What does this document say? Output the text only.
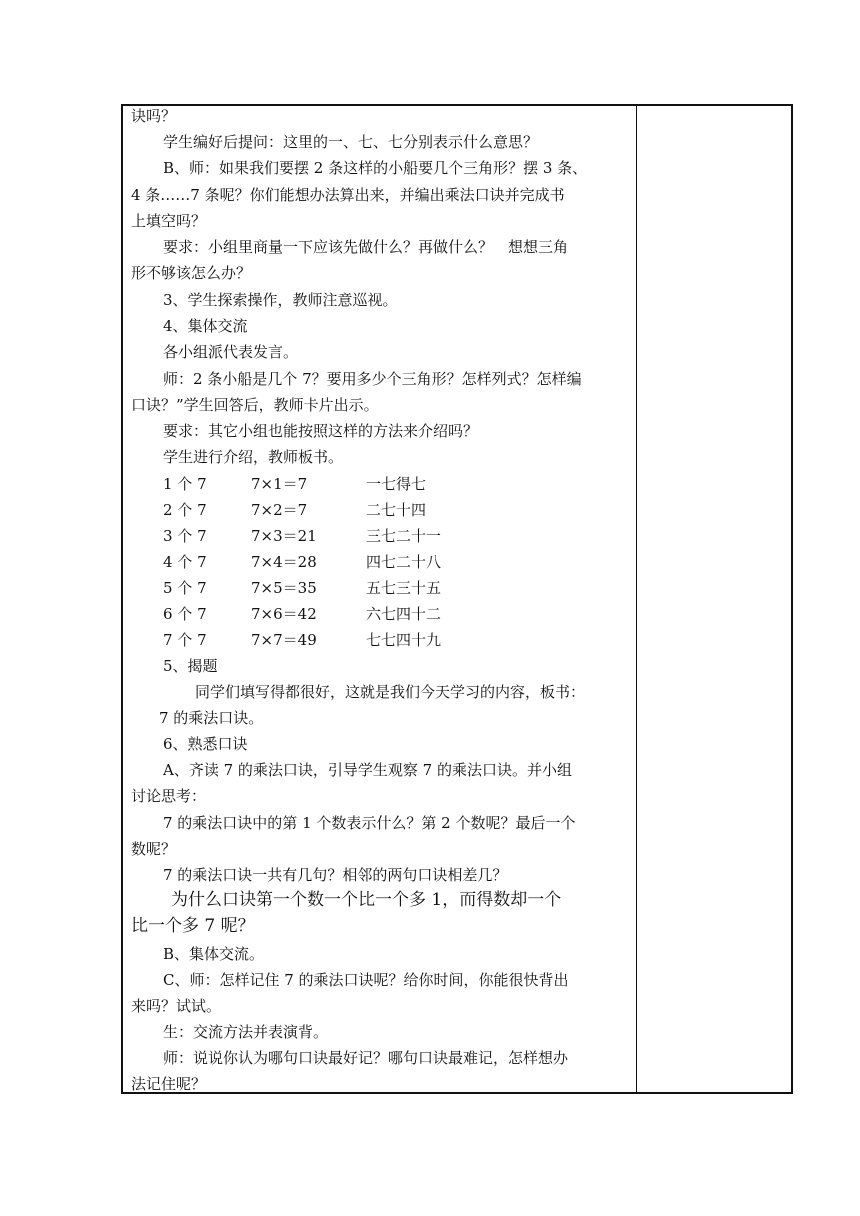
诀吗？
学生编好后提问：这里的一、七、七分别表示什么意思？
B、师：如果我们要摆 2 条这样的小船要几个三角形？摆 3 条、
4 条……7 条呢？你们能想办法算出来，并编出乘法口诀并完成书
上填空吗？
要求：小组里商量一下应该先做什么？再做什么？　想想三角
形不够该怎么办？
3、学生探索操作，教师注意巡视。
4、集体交流
各小组派代表发言。
师：2 条小船是几个 7？要用多少个三角形？怎样列式？怎样编
口诀？”学生回答后，教师卡片出示。
要求：其它小组也能按照这样的方法来介绍吗？
学生进行介绍，教师板书。
1 个 7	7×1＝7	一七得七
2 个 7	7×2＝7	二七十四
3 个 7	7×3＝21	三七二十一
4 个 7	7×4＝28	四七二十八
5 个 7	7×5＝35	五七三十五
6 个 7	7×6＝42	六七四十二
7 个 7	7×7＝49	七七四十九
5、揭题
同学们填写得都很好，这就是我们今天学习的内容，板书：
7 的乘法口诀。
6、熟悉口诀
A、齐读 7 的乘法口诀，引导学生观察 7 的乘法口诀。并小组
讨论思考：
7 的乘法口诀中的第 1 个数表示什么？第 2 个数呢？最后一个
数呢？
7 的乘法口诀一共有几句？相邻的两句口诀相差几？
为什么口诀第一个数一个比一个多 1，而得数却一个
比一个多 7 呢？
B、集体交流。
C、师：怎样记住 7 的乘法口诀呢？给你时间，你能很快背出
来吗？试试。
生：交流方法并表演背。
师：说说你认为哪句口诀最好记？哪句口诀最难记，怎样想办
法记住呢？
